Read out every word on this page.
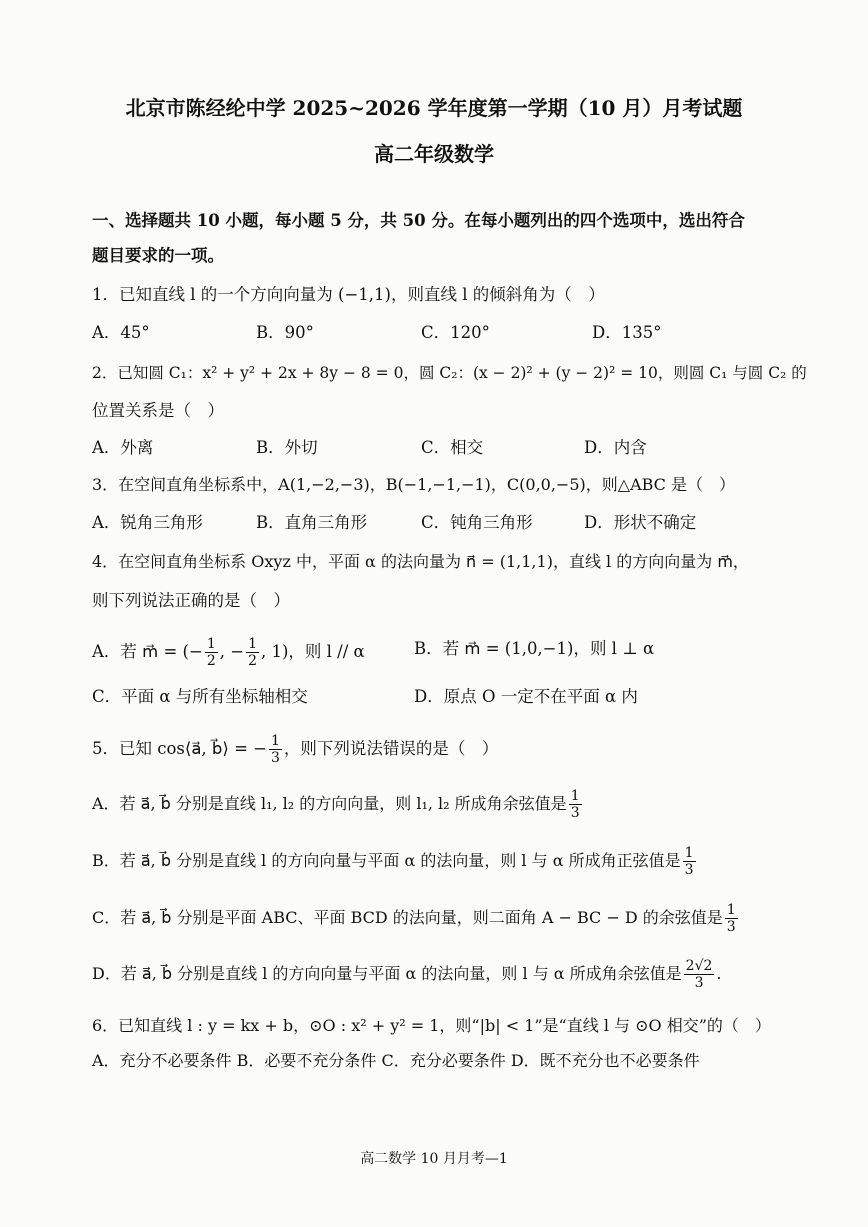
北京市陈经纶中学 2025~2026 学年度第一学期（10 月）月考试题
高二年级数学
一、选择题共 10 小题，每小题 5 分，共 50 分。在每小题列出的四个选项中，选出符合
题目要求的一项。
1．已知直线 l 的一个方向向量为 (−1,1)，则直线 l 的倾斜角为（　）
A．45°	B．90°	C．120°	D．135°
2．已知圆 C₁：x² + y² + 2x + 8y − 8 = 0，圆 C₂：(x − 2)² + (y − 2)² = 10，则圆 C₁ 与圆 C₂ 的
位置关系是（　）
A．外离	B．外切	C．相交	D．内含
3．在空间直角坐标系中，A(1,−2,−3)，B(−1,−1,−1)，C(0,0,−5)，则△ABC 是（　）
A．锐角三角形	B．直角三角形	C．钝角三角形	D．形状不确定
4．在空间直角坐标系 Oxyz 中，平面 α 的法向量为 n⃗ = (1,1,1)，直线 l 的方向向量为 m⃗，
则下列说法正确的是（　）
A．若 m⃗ = (− $\frac{1}{2}$ , − $\frac{1}{2}$ , 1)，则 l // α	B．若 m⃗ = (1,0,−1)，则 l ⊥ α
C．平面 α 与所有坐标轴相交	D．原点 O 一定不在平面 α 内
5．已知 cos⟨a⃗, b⃗⟩ = − $\frac{1}{3}$ ，则下列说法错误的是（　）
A．若 a⃗, b⃗ 分别是直线 l₁, l₂ 的方向向量，则 l₁, l₂ 所成角余弦值是 $\frac{1}{3}$
B．若 a⃗, b⃗ 分别是直线 l 的方向向量与平面 α 的法向量，则 l 与 α 所成角正弦值是 $\frac{1}{3}$
C．若 a⃗, b⃗ 分别是平面 ABC、平面 BCD 的法向量，则二面角 A − BC − D 的余弦值是 $\frac{1}{3}$
D．若 a⃗, b⃗ 分别是直线 l 的方向向量与平面 α 的法向量，则 l 与 α 所成角余弦值是 $\frac{2√2}{3}$ .
6．已知直线 l : y = kx + b，⊙O : x² + y² = 1，则“|b| < 1”是“直线 l 与 ⊙O 相交”的（　）
A．充分不必要条件 B．必要不充分条件 C．充分必要条件 D．既不充分也不必要条件
高二数学 10 月月考—1
